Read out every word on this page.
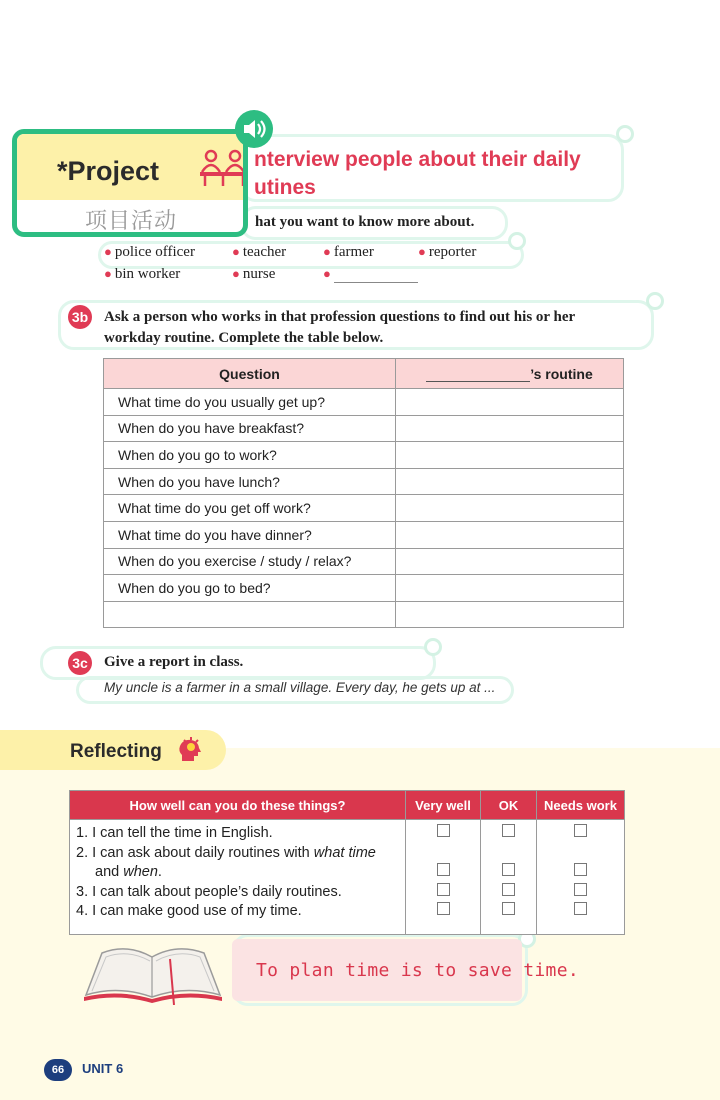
*Project
项目活动
nterview people about their daily
utines
hat you want to know more about.
● police officer	● teacher	● farmer	● reporter
● bin worker	● nurse	●
3b Ask a person who works in that profession questions to find out his or her
workday routine. Complete the table below.
Question	’s routine
What time do you usually get up?	
When do you have breakfast?	
When do you go to work?	
When do you have lunch?	
What time do you get off work?	
What time do you have dinner?	
When do you exercise / study / relax?	
When do you go to bed?	

3c Give a report in class.
My uncle is a farmer in a small village. Every day, he gets up at ...
Reflecting
How well can you do these things?	Very well	OK	Needs work

1. I can tell the time in English.
2. I can ask about daily routines with what time
and when.
3. I can talk about people’s daily routines.
4. I can make good use of my time.			

To plan time is to save time.
66	UNIT 6
